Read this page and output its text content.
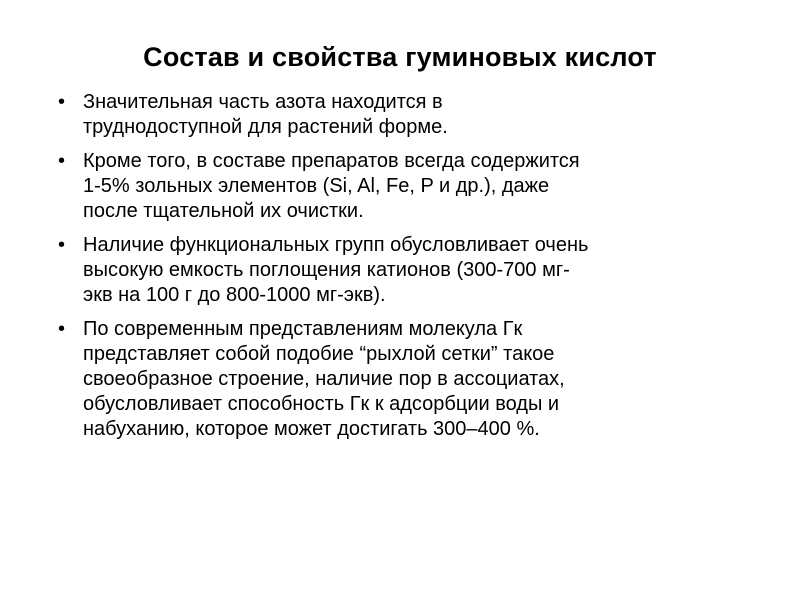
Состав и свойства гуминовых кислот
• Значительная часть азота находится в
труднодоступной для растений форме.
• Кроме того, в составе препаратов всегда содержится
1-5% зольных элементов (Si, Al, Fe, P и др.), даже
после тщательной их очистки.
• Наличие функциональных групп обусловливает очень
высокую емкость поглощения катионов (300-700 мг-
экв на 100 г до 800-1000 мг-экв).
• По современным представлениям молекула Гк
представляет собой подобие “рыхлой сетки” такое
своеобразное строение, наличие пор в ассоциатах,
обусловливает способность Гк к адсорбции воды и
набуханию, которое может достигать 300–400 %.
